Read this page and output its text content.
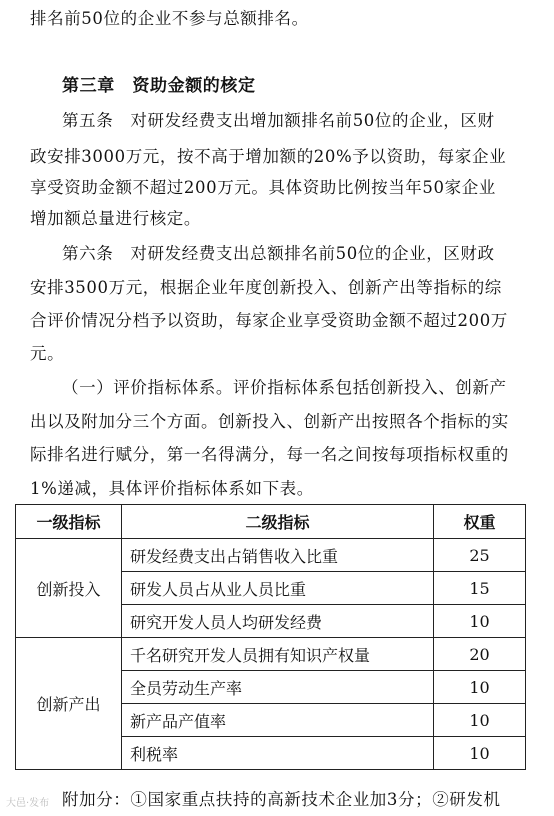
排名前50位的企业不参与总额排名。
第三章　资助金额的核定
第五条　对研发经费支出增加额排名前50位的企业，区财
政安排3000万元，按不高于增加额的20%予以资助，每家企业
享受资助金额不超过200万元。具体资助比例按当年50家企业
增加额总量进行核定。
第六条　对研发经费支出总额排名前50位的企业，区财政
安排3500万元，根据企业年度创新投入、创新产出等指标的综
合评价情况分档予以资助，每家企业享受资助金额不超过200万
元。
（一）评价指标体系。评价指标体系包括创新投入、创新产
出以及附加分三个方面。创新投入、创新产出按照各个指标的实
际排名进行赋分，第一名得满分，每一名之间按每项指标权重的
1%递减，具体评价指标体系如下表。
一级指标	二级指标	权重
创新投入	研发经费支出占销售收入比重	25
	研发人员占从业人员比重	15
	研究开发人员人均研发经费	10
创新产出	千名研究开发人员拥有知识产权量	20
	全员劳动生产率	10
	新产品产值率	10
	利税率	10
附加分：①国家重点扶持的高新技术企业加3分；②研发机
大邑·发布
